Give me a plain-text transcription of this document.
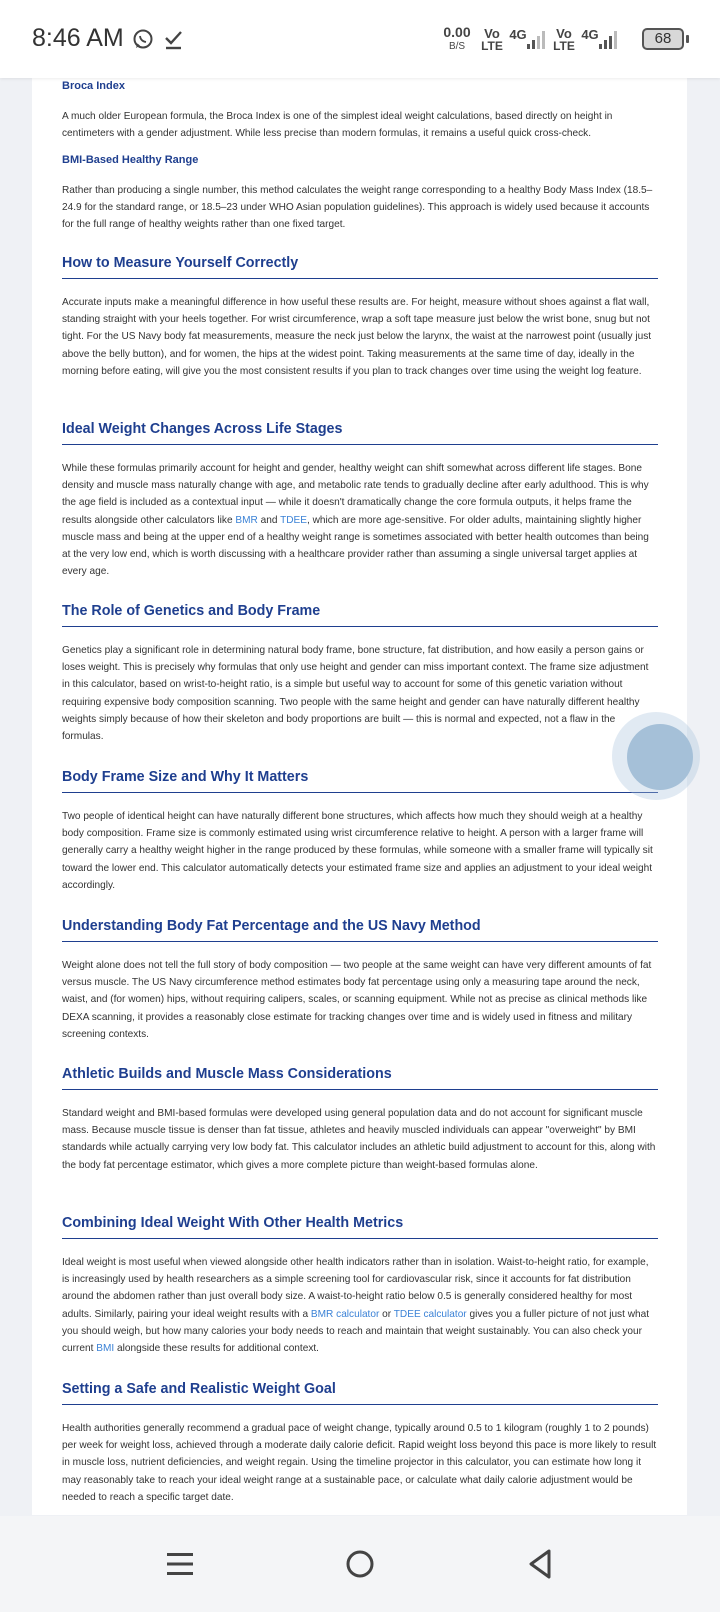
8:46 AM	0.00
B/S
Vo
LTE
4G	Vo
LTE
4G	68

Broca Index

A much older European formula, the Broca Index is one of the simplest ideal weight calculations, based directly on height in centimeters with a gender adjustment. While less precise than modern formulas, it remains a useful quick cross-check.

BMI-Based Healthy Range

Rather than producing a single number, this method calculates the weight range corresponding to a healthy Body Mass Index (18.5–24.9 for the standard range, or 18.5–23 under WHO Asian population guidelines). This approach is widely used because it accounts for the full range of healthy weights rather than one fixed target.

How to Measure Yourself Correctly

Accurate inputs make a meaningful difference in how useful these results are. For height, measure without shoes against a flat wall, standing straight with your heels together. For wrist circumference, wrap a soft tape measure just below the wrist bone, snug but not tight. For the US Navy body fat measurements, measure the neck just below the larynx, the waist at the narrowest point (usually just above the belly button), and for women, the hips at the widest point. Taking measurements at the same time of day, ideally in the morning before eating, will give you the most consistent results if you plan to track changes over time using the weight log feature.

Ideal Weight Changes Across Life Stages

While these formulas primarily account for height and gender, healthy weight can shift somewhat across different life stages. Bone density and muscle mass naturally change with age, and metabolic rate tends to gradually decline after early adulthood. This is why the age field is included as a contextual input — while it doesn't dramatically change the core formula outputs, it helps frame the results alongside other calculators like BMR and TDEE, which are more age-sensitive. For older adults, maintaining slightly higher muscle mass and being at the upper end of a healthy weight range is sometimes associated with better health outcomes than being at the very low end, which is worth discussing with a healthcare provider rather than assuming a single universal target applies at every age.

The Role of Genetics and Body Frame

Genetics play a significant role in determining natural body frame, bone structure, fat distribution, and how easily a person gains or loses weight. This is precisely why formulas that only use height and gender can miss important context. The frame size adjustment in this calculator, based on wrist-to-height ratio, is a simple but useful way to account for some of this genetic variation without requiring expensive body composition scanning. Two people with the same height and gender can have naturally different healthy weights simply because of how their skeleton and body proportions are built — this is normal and expected, not a flaw in the formulas.

Body Frame Size and Why It Matters

Two people of identical height can have naturally different bone structures, which affects how much they should weigh at a healthy body composition. Frame size is commonly estimated using wrist circumference relative to height. A person with a larger frame will generally carry a healthy weight higher in the range produced by these formulas, while someone with a smaller frame will typically sit toward the lower end. This calculator automatically detects your estimated frame size and applies an adjustment to your ideal weight accordingly.

Understanding Body Fat Percentage and the US Navy Method

Weight alone does not tell the full story of body composition — two people at the same weight can have very different amounts of fat versus muscle. The US Navy circumference method estimates body fat percentage using only a measuring tape around the neck, waist, and (for women) hips, without requiring calipers, scales, or scanning equipment. While not as precise as clinical methods like DEXA scanning, it provides a reasonably close estimate for tracking changes over time and is widely used in fitness and military screening contexts.

Athletic Builds and Muscle Mass Considerations

Standard weight and BMI-based formulas were developed using general population data and do not account for significant muscle mass. Because muscle tissue is denser than fat tissue, athletes and heavily muscled individuals can appear "overweight" by BMI standards while actually carrying very low body fat. This calculator includes an athletic build adjustment to account for this, along with the body fat percentage estimator, which gives a more complete picture than weight-based formulas alone.

Combining Ideal Weight With Other Health Metrics

Ideal weight is most useful when viewed alongside other health indicators rather than in isolation. Waist-to-height ratio, for example, is increasingly used by health researchers as a simple screening tool for cardiovascular risk, since it accounts for fat distribution around the abdomen rather than just overall body size. A waist-to-height ratio below 0.5 is generally considered healthy for most adults. Similarly, pairing your ideal weight results with a BMR calculator or TDEE calculator gives you a fuller picture of not just what you should weigh, but how many calories your body needs to reach and maintain that weight sustainably. You can also check your current BMI alongside these results for additional context.

Setting a Safe and Realistic Weight Goal

Health authorities generally recommend a gradual pace of weight change, typically around 0.5 to 1 kilogram (roughly 1 to 2 pounds) per week for weight loss, achieved through a moderate daily calorie deficit. Rapid weight loss beyond this pace is more likely to result in muscle loss, nutrient deficiencies, and weight regain. Using the timeline projector in this calculator, you can estimate how long it may reasonably take to reach your ideal weight range at a sustainable pace, or calculate what daily calorie adjustment would be needed to reach a specific target date.
